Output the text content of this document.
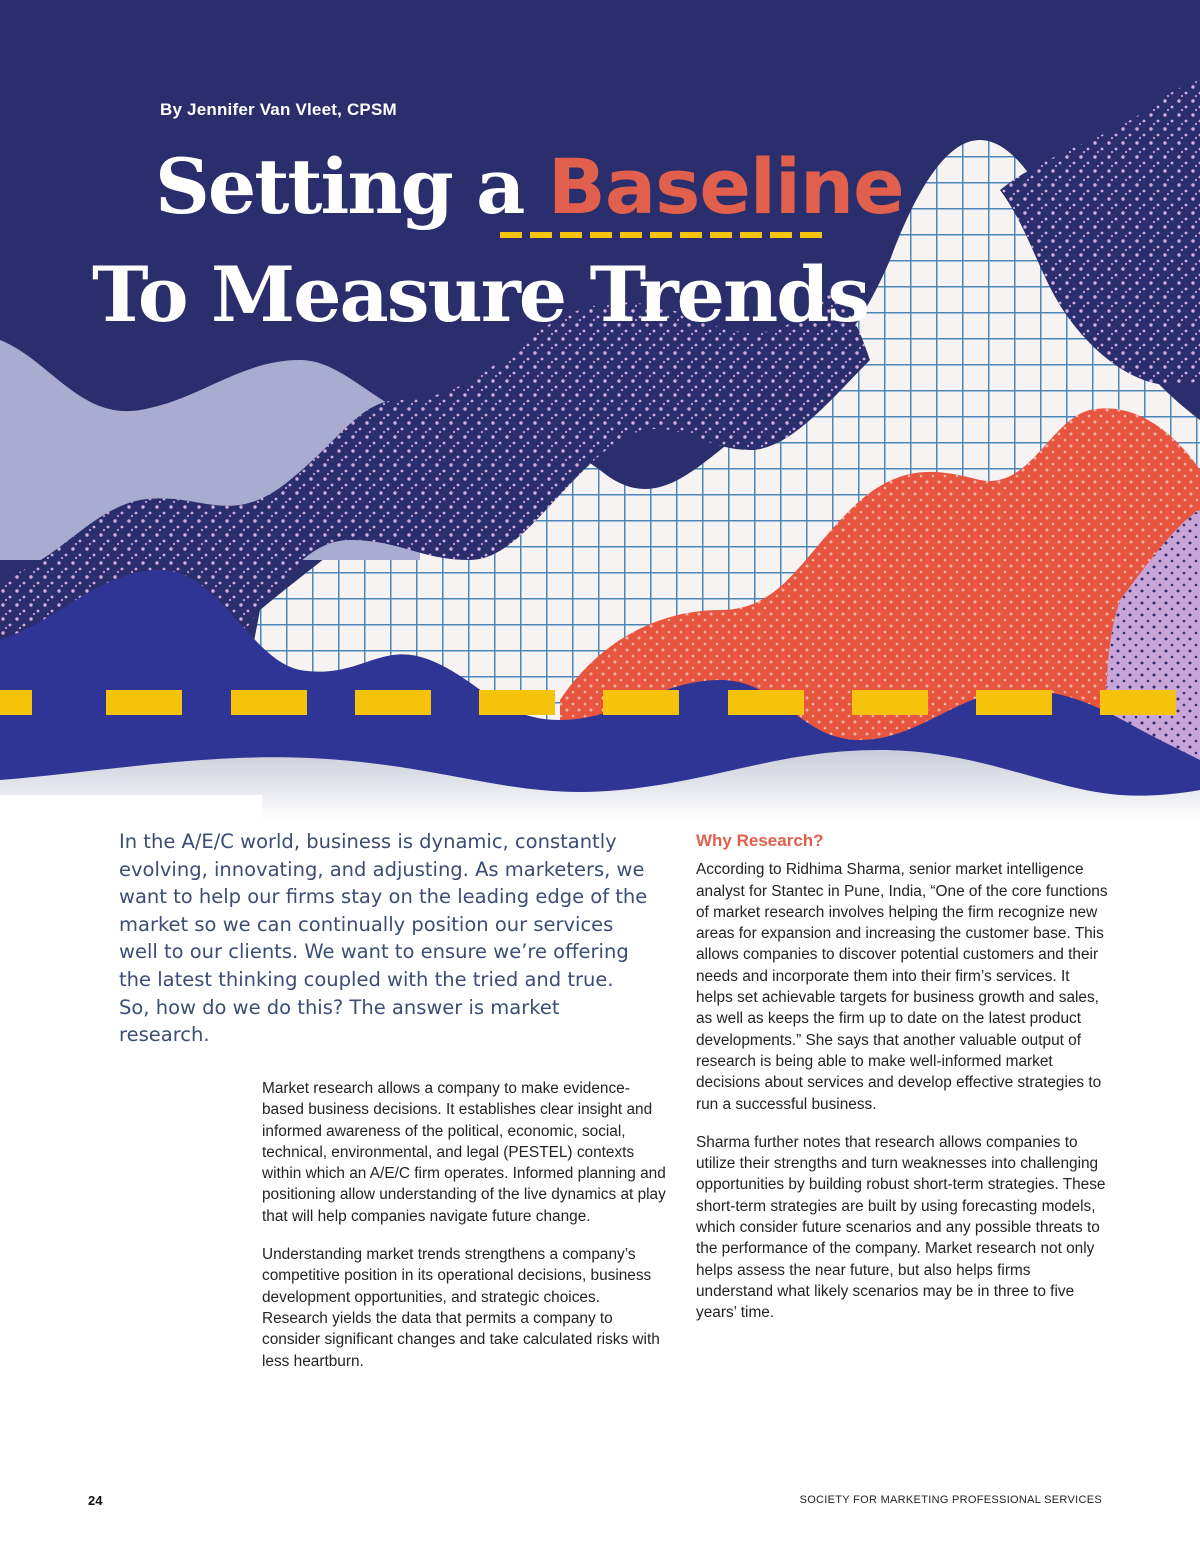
By Jennifer Van Vleet, CPSM
Setting a Baseline
To Measure Trends

In the A/E/C world, business is dynamic, constantly evolving, innovating, and adjusting. As marketers, we want to help our firms stay on the leading edge of the market so we can continually position our services well to our clients. We want to ensure we’re offering the latest thinking coupled with the tried and true. So, how do we do this? The answer is market research.

Market research allows a company to make evidence-based business decisions. It establishes clear insight and informed awareness of the political, economic, social, technical, environmental, and legal (PESTEL) contexts within which an A/E/C firm operates. Informed planning and positioning allow understanding of the live dynamics at play that will help companies navigate future change.

Understanding market trends strengthens a company’s competitive position in its operational decisions, business development opportunities, and strategic choices. Research yields the data that permits a company to consider significant changes and take calculated risks with less heartburn.

Why Research?

According to Ridhima Sharma, senior market intelligence analyst for Stantec in Pune, India, “One of the core functions of market research involves helping the firm recognize new areas for expansion and increasing the customer base. This allows companies to discover potential customers and their needs and incorporate them into their firm’s services. It helps set achievable targets for business growth and sales, as well as keeps the firm up to date on the latest product developments.” She says that another valuable output of research is being able to make well-informed market decisions about services and develop effective strategies to run a successful business.

Sharma further notes that research allows companies to utilize their strengths and turn weaknesses into challenging opportunities by building robust short-term strategies. These short-term strategies are built by using forecasting models, which consider future scenarios and any possible threats to the performance of the company. Market research not only helps assess the near future, but also helps firms understand what likely scenarios may be in three to five years’ time.

24	SOCIETY FOR MARKETING PROFESSIONAL SERVICES
